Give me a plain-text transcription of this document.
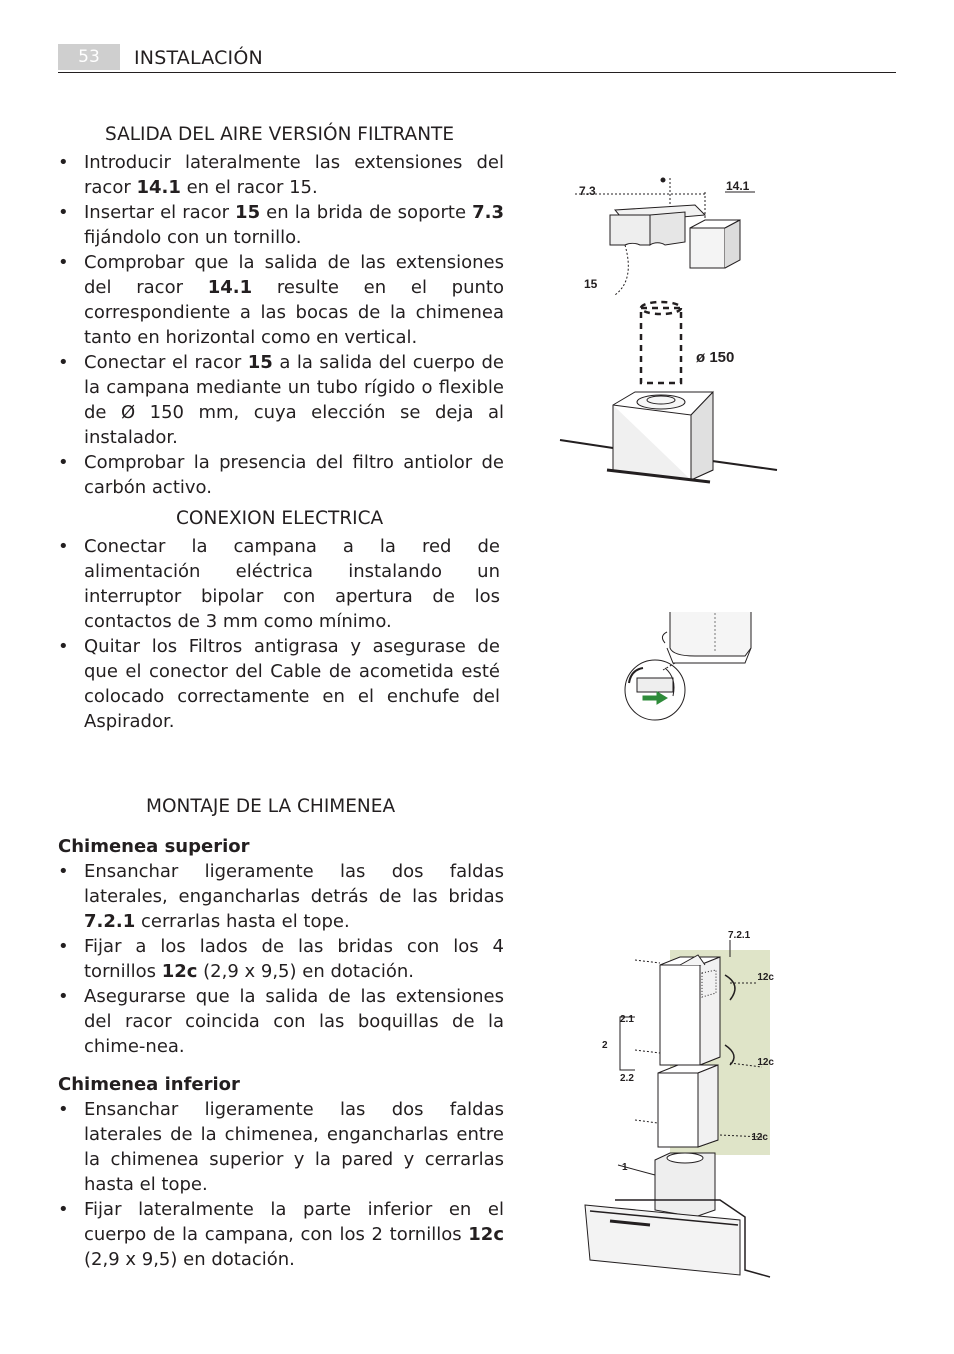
53	INSTALACIÓN
SALIDA DEL AIRE VERSIÓN FILTRANTE
• Introducir lateralmente las extensiones del racor 14.1 en el racor 15.
• Insertar el racor 15 en la brida de soporte 7.3 fijándolo con un tornillo.
• Comprobar que la salida de las extensiones del racor 14.1 resulte en el punto correspondiente a las bocas de la chimenea tanto en horizontal como en vertical.
• Conectar el racor 15 a la salida del cuerpo de la campana mediante un tubo rígido o flexible de Ø 150 mm, cuya elección se deja al instalador.
• Comprobar la presencia del filtro antiolor de carbón activo.
CONEXION ELECTRICA
• Conectar la campana a la red de alimentación eléctrica instalando un interruptor bipolar con apertura de los contactos de 3 mm como mínimo.
• Quitar los Filtros antigrasa y asegurase de que el conector del Cable de acometida esté colocado correctamente en el enchufe del Aspirador.
MONTAJE DE LA CHIMENEA
Chimenea superior
• Ensanchar ligeramente las dos faldas laterales, engancharlas detrás de las bridas 7.2.1 cerrarlas hasta el tope.
• Fijar a los lados de las bridas con los 4 tornillos 12c (2,9 x 9,5) en dotación.
• Asegurarse que la salida de las extensiones del racor coincida con las boquillas de la chime-nea.
Chimenea inferior
• Ensanchar ligeramente las dos faldas laterales de la chimenea, engancharlas entre la chimenea superior y la pared y cerrarlas hasta el tope.
• Fijar lateralmente la parte inferior en el cuerpo de la campana, con los 2 tornillos 12c (2,9 x 9,5) en dotación.
7.3	14.1
15
ø 150
7.2.1
12c
2.1
2
12c
2.2
12c
1
